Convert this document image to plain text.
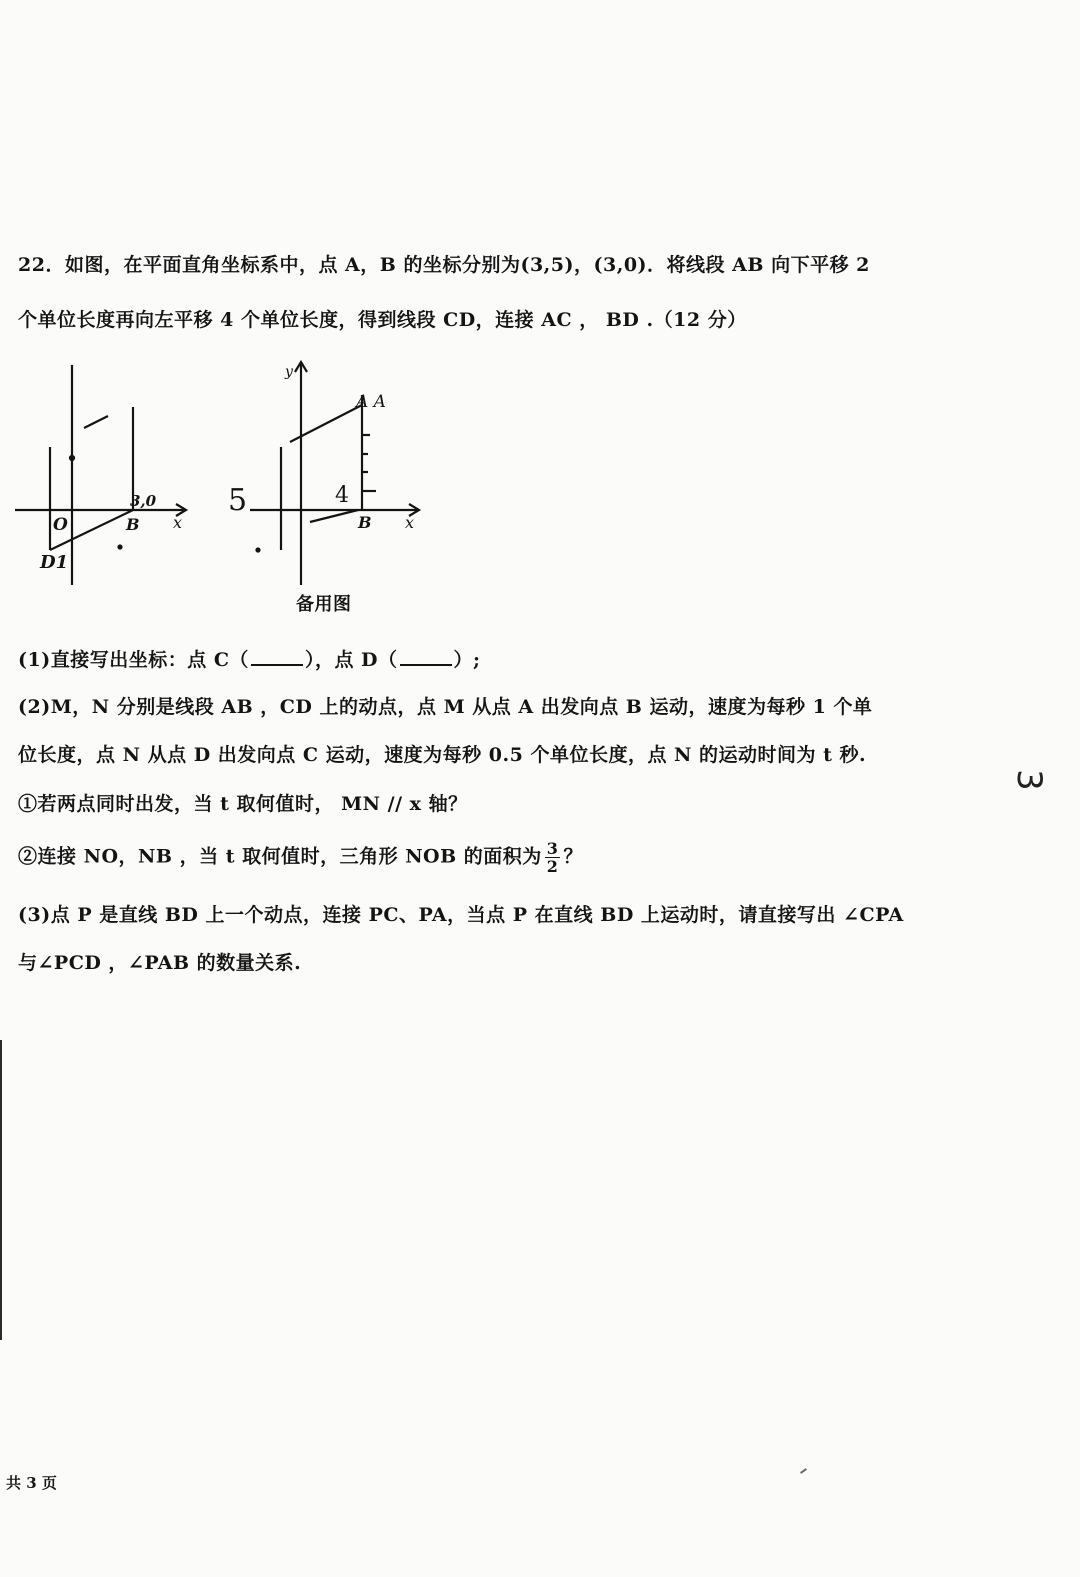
22．如图，在平面直角坐标系中，点 A，B 的坐标分别为(3,5)，(3,0)．将线段 AB 向下平移 2
个单位长度再向左平移 4 个单位长度，得到线段 CD，连接 AC ， BD .（12 分）
O	B x
3,0
D1
y
A A
4
5
B x
备用图
(1)直接写出坐标：点 C（	），点 D（	）;
(2)M，N 分别是线段 AB ，CD 上的动点，点 M 从点 A 出发向点 B 运动，速度为每秒 1 个单
位长度，点 N 从点 D 出发向点 C 运动，速度为每秒 0.5 个单位长度，点 N 的运动时间为 t 秒.
①若两点同时出发，当 t 取何值时， MN // x 轴？
②连接 NO，NB ，当 t 取何值时，三角形 NOB 的面积为 $\frac{3}{2}$ ？
(3)点 P 是直线 BD 上一个动点，连接 PC、PA，当点 P 在直线 BD 上运动时，请直接写出 ∠CPA
与∠PCD ，∠PAB 的数量关系.
3
共 3 页
